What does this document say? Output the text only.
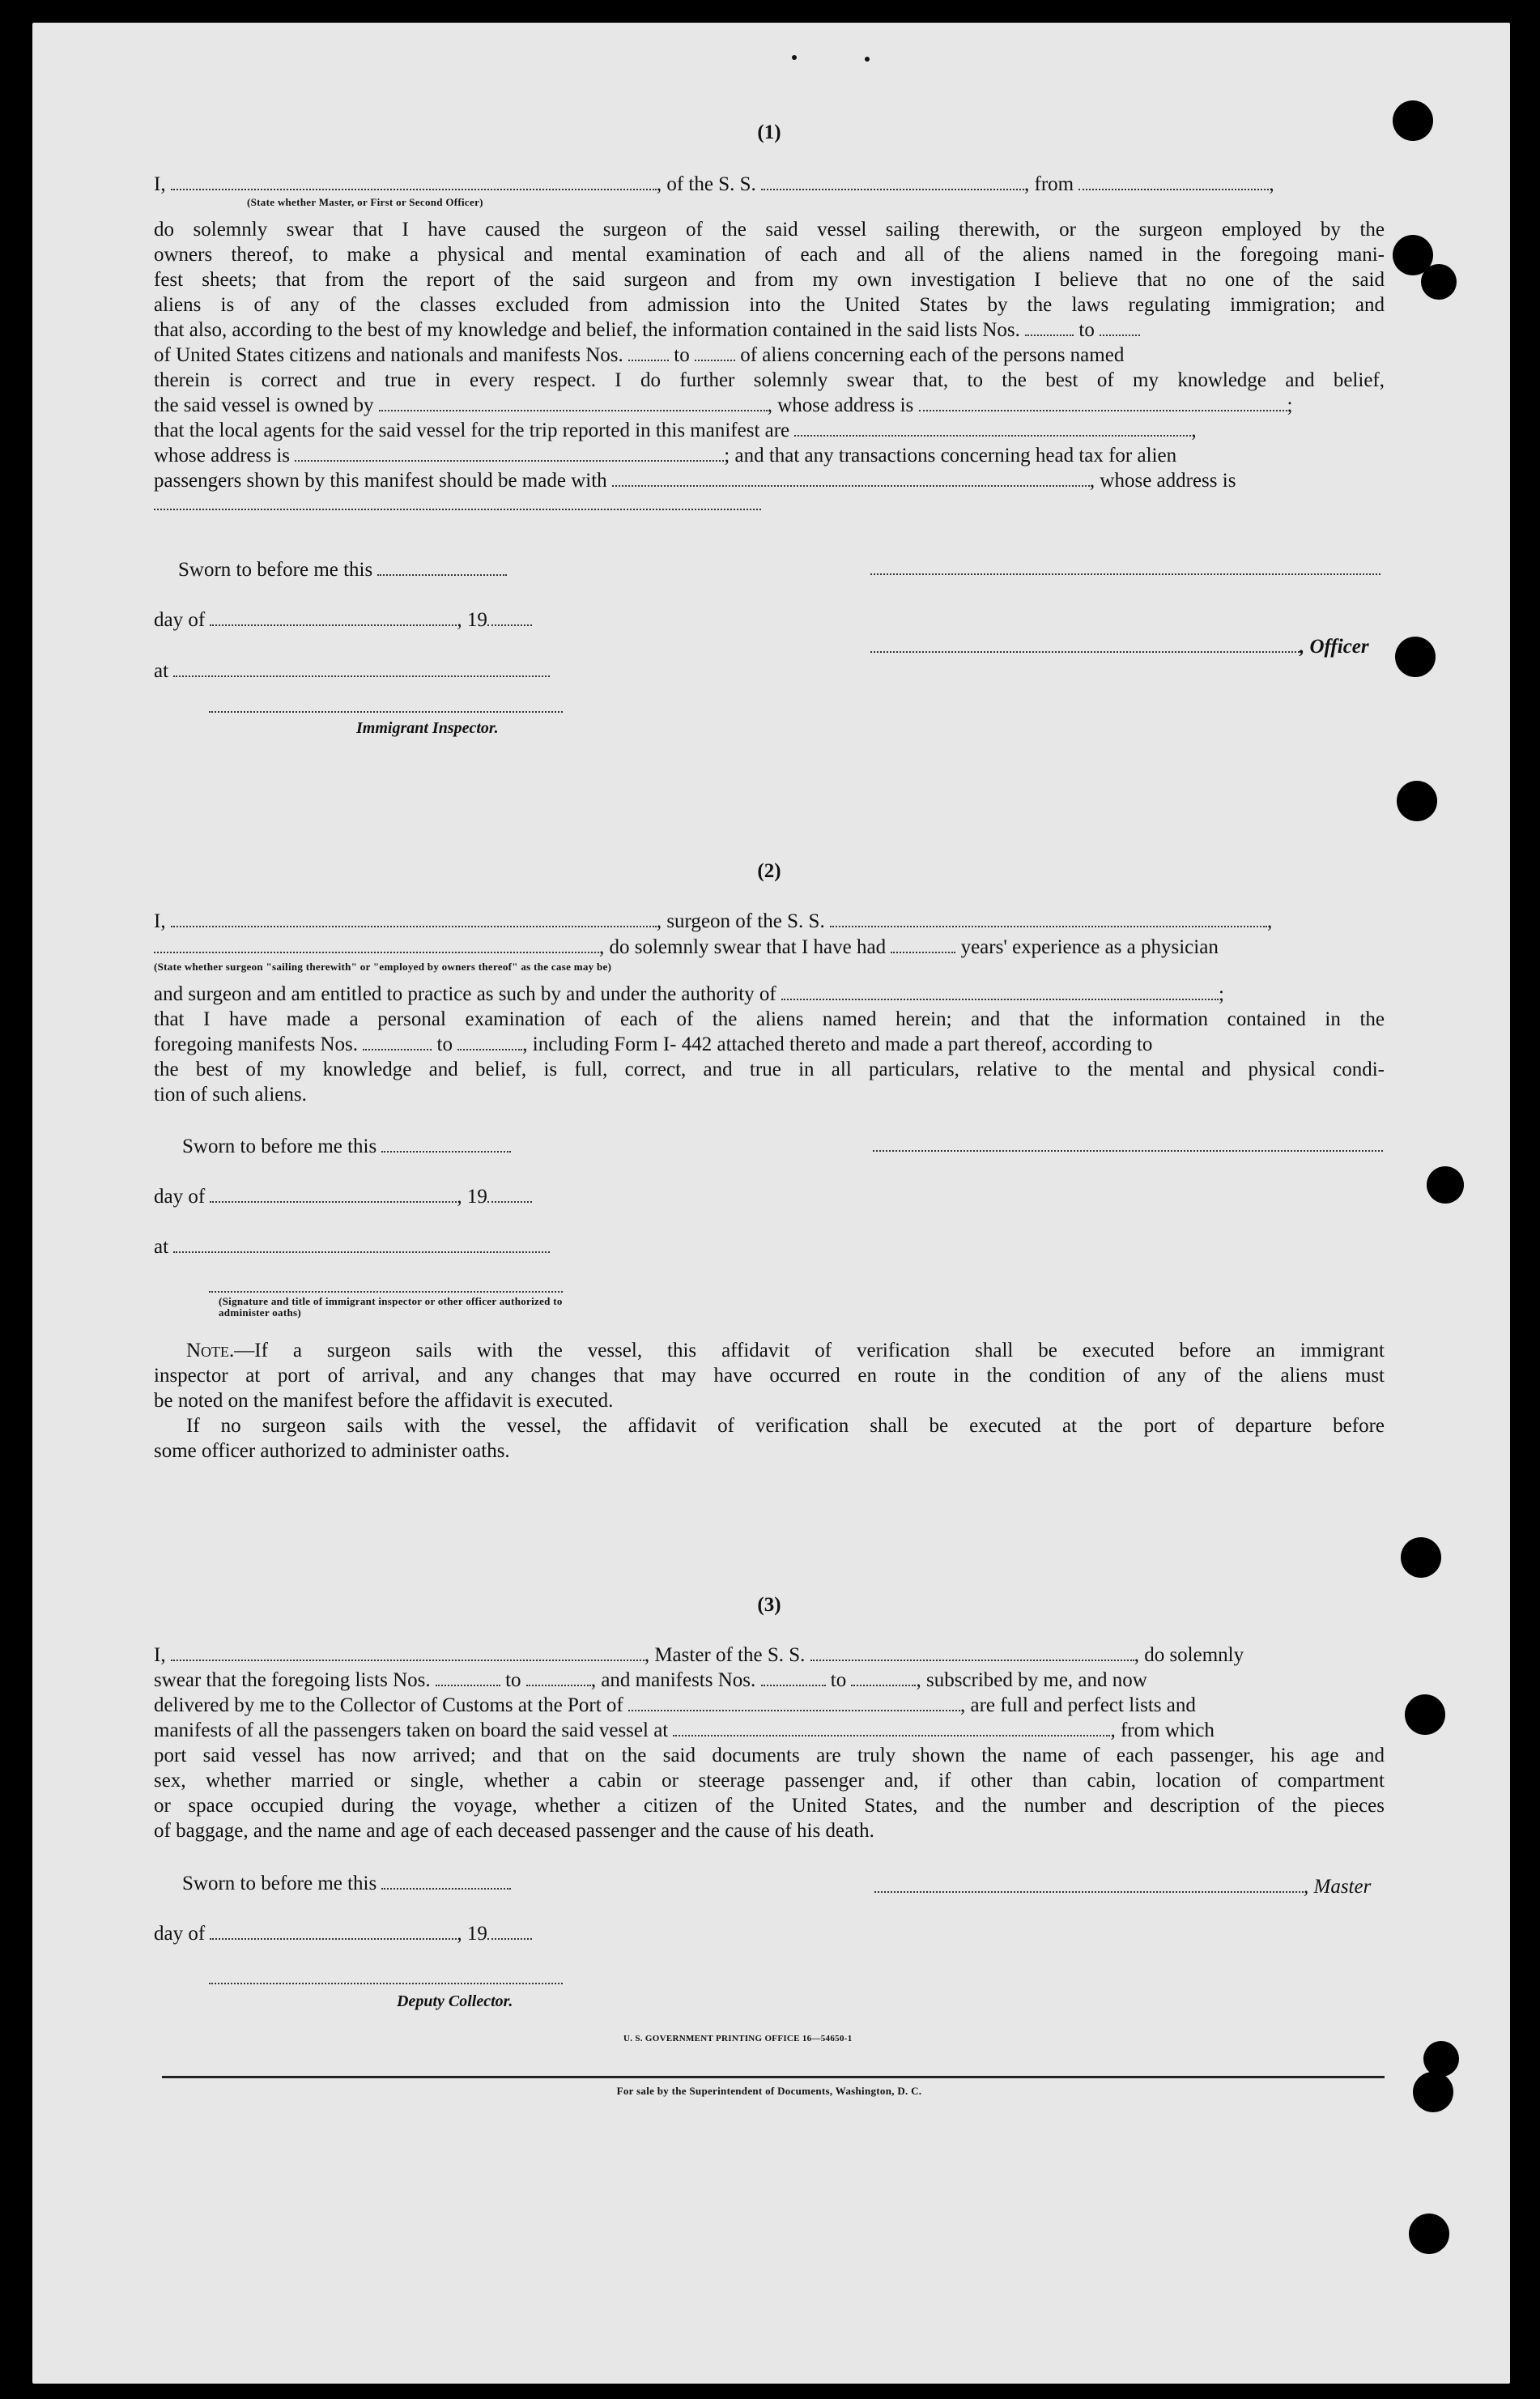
(1)
I,	, of the S. S.	, from	,
(State whether Master, or First or Second Officer)
do solemnly swear that I have caused the surgeon of the said vessel sailing therewith, or the surgeon employed by the
owners thereof, to make a physical and mental examination of each and all of the aliens named in the foregoing mani-
fest sheets; that from the report of the said surgeon and from my own investigation I believe that no one of the said
aliens is of any of the classes excluded from admission into the United States by the laws regulating immigration; and
that also, according to the best of my knowledge and belief, the information contained in the said lists Nos.	to
of United States citizens and nationals and manifests Nos.	to	of aliens concerning each of the persons named
therein is correct and true in every respect. I do further solemnly swear that, to the best of my knowledge and belief,
the said vessel is owned by	, whose address is	;
that the local agents for the said vessel for the trip reported in this manifest are	,
whose address is	; and that any transactions concerning head tax for alien
passengers shown by this manifest should be made with	, whose address is
Sworn to before me this
day of	, 19
, Officer
at
Immigrant Inspector.
(2)
I,	, surgeon of the S. S.	,
, do solemnly swear that I have had	years' experience as a physician
(State whether surgeon "sailing therewith" or "employed by owners thereof" as the case may be)
and surgeon and am entitled to practice as such by and under the authority of	;
that I have made a personal examination of each of the aliens named herein; and that the information contained in the
foregoing manifests Nos.	to	, including Form I- 442 attached thereto and made a part thereof, according to
the best of my knowledge and belief, is full, correct, and true in all particulars, relative to the mental and physical condi-
tion of such aliens.
Sworn to before me this
day of	, 19
at
(Signature and title of immigrant inspector or other officer authorized to administer oaths)
Note.—If a surgeon sails with the vessel, this affidavit of verification shall be executed before an immigrant
inspector at port of arrival, and any changes that may have occurred en route in the condition of any of the aliens must
be noted on the manifest before the affidavit is executed.
If no surgeon sails with the vessel, the affidavit of verification shall be executed at the port of departure before
some officer authorized to administer oaths.
(3)
I,	, Master of the S. S.	, do solemnly
swear that the foregoing lists Nos.	to	, and manifests Nos.	to	, subscribed by me, and now
delivered by me to the Collector of Customs at the Port of	, are full and perfect lists and
manifests of all the passengers taken on board the said vessel at	, from which
port said vessel has now arrived; and that on the said documents are truly shown the name of each passenger, his age and
sex, whether married or single, whether a cabin or steerage passenger and, if other than cabin, location of compartment
or space occupied during the voyage, whether a citizen of the United States, and the number and description of the pieces
of baggage, and the name and age of each deceased passenger and the cause of his death.
Sworn to before me this	, Master
day of	, 19
Deputy Collector.
U. S. GOVERNMENT PRINTING OFFICE 16—54650-1
For sale by the Superintendent of Documents, Washington, D. C.
